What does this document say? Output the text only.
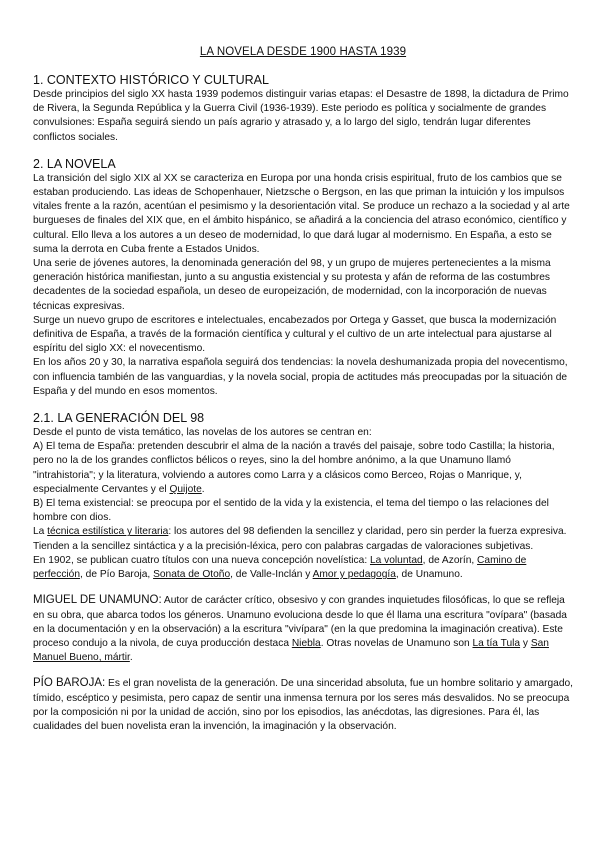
LA NOVELA DESDE 1900 HASTA 1939
1. CONTEXTO HISTÓRICO Y CULTURAL

Desde principios del siglo XX hasta 1939 podemos distinguir varias etapas: el Desastre de 1898, la dictadura de Primo de Rivera, la Segunda República y la Guerra Civil (1936-1939). Este periodo es política y socialmente de grandes convulsiones: España seguirá siendo un país agrario y atrasado y, a lo largo del siglo, tendrán lugar diferentes conflictos sociales.

2. LA NOVELA

La transición del siglo XIX al XX se caracteriza en Europa por una honda crisis espiritual, fruto de los cambios que se estaban produciendo. Las ideas de Schopenhauer, Nietzsche o Bergson, en las que priman la intuición y los impulsos vitales frente a la razón, acentúan el pesimismo y la desorientación vital. Se produce un rechazo a la sociedad y al arte burgueses de finales del XIX que, en el ámbito hispánico, se añadirá a la conciencia del atraso económico, científico y cultural. Ello lleva a los autores a un deseo de modernidad, lo que dará lugar al modernismo. En España, a esto se suma la derrota en Cuba frente a Estados Unidos.

Una serie de jóvenes autores, la denominada generación del 98, y un grupo de mujeres pertenecientes a la misma generación histórica manifiestan, junto a su angustia existencial y su protesta y afán de reforma de las costumbres decadentes de la sociedad española, un deseo de europeización, de modernidad, con la incorporación de nuevas técnicas expresivas.

Surge un nuevo grupo de escritores e intelectuales, encabezados por Ortega y Gasset, que busca la modernización definitiva de España, a través de la formación científica y cultural y el cultivo de un arte intelectual para ajustarse al espíritu del siglo XX: el novecentismo.

En los años 20 y 30, la narrativa española seguirá dos tendencias: la novela deshumanizada propia del novecentismo, con influencia también de las vanguardias, y la novela social, propia de actitudes más preocupadas por la situación de España y del mundo en esos momentos.

2.1. LA GENERACIÓN DEL 98

Desde el punto de vista temático, las novelas de los autores se centran en:

A) El tema de España: pretenden descubrir el alma de la nación a través del paisaje, sobre todo Castilla; la historia, pero no la de los grandes conflictos bélicos o reyes, sino la del hombre anónimo, a la que Unamuno llamó "intrahistoria"; y la literatura, volviendo a autores como Larra y a clásicos como Berceo, Rojas o Manrique, y, especialmente Cervantes y el Quijote.

B) El tema existencial: se preocupa por el sentido de la vida y la existencia, el tema del tiempo o las relaciones del hombre con dios.

La técnica estilística y literaria: los autores del 98 defienden la sencillez y claridad, pero sin perder la fuerza expresiva. Tienden a la sencillez sintáctica y a la precisión-léxica, pero con palabras cargadas de valoraciones subjetivas.

En 1902, se publican cuatro títulos con una nueva concepción novelística: La voluntad, de Azorín, Camino de perfección, de Pío Baroja, Sonata de Otoño, de Valle-Inclán y Amor y pedagogía, de Unamuno.

MIGUEL DE UNAMUNO: Autor de carácter crítico, obsesivo y con grandes inquietudes filosóficas, lo que se refleja en su obra, que abarca todos los géneros. Unamuno evoluciona desde lo que él llama una escritura "ovípara" (basada en la documentación y en la observación) a la escritura "vivípara" (en la que predomina la imaginación creativa). Este proceso condujo a la nivola, de cuya producción destaca Niebla. Otras novelas de Unamuno son La tía Tula y San Manuel Bueno, mártir.

PÍO BAROJA: Es el gran novelista de la generación. De una sinceridad absoluta, fue un hombre solitario y amargado, tímido, escéptico y pesimista, pero capaz de sentir una inmensa ternura por los seres más desvalidos. No se preocupa por la composición ni por la unidad de acción, sino por los episodios, las anécdotas, las digresiones. Para él, las cualidades del buen novelista eran la invención, la imaginación y la observación.
